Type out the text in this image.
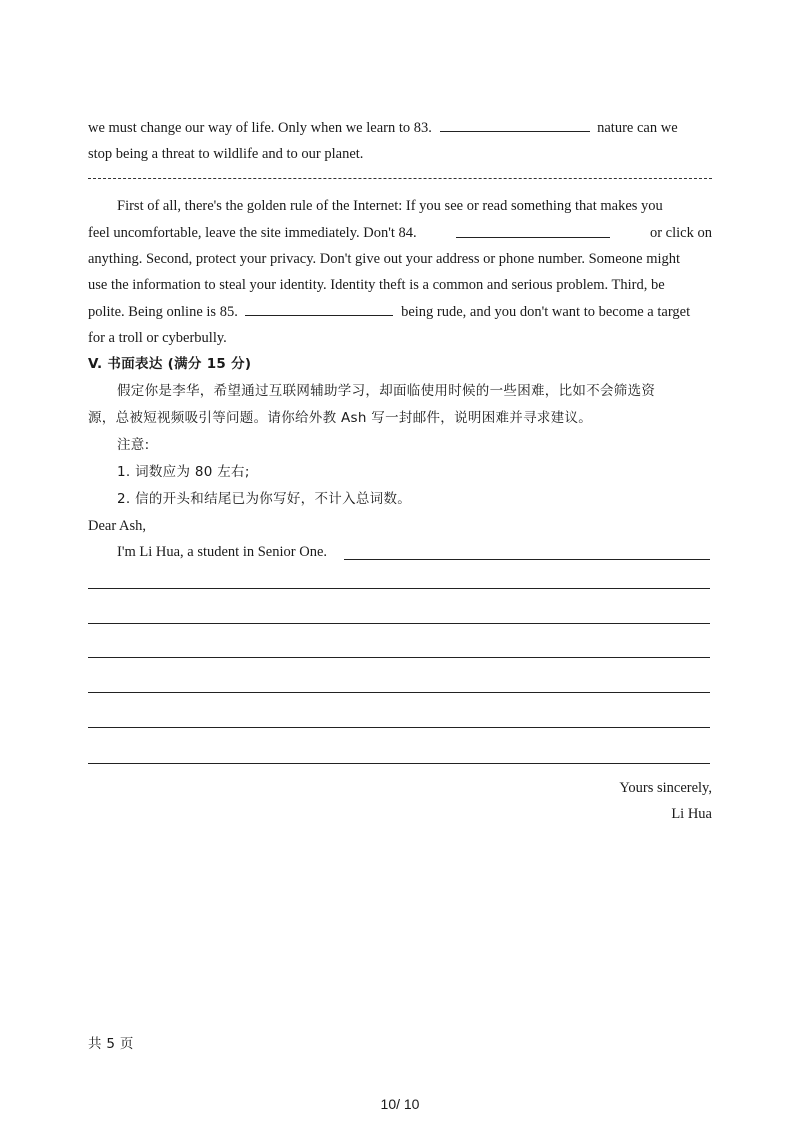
we must change our way of life. Only when we learn to 83.	nature can we
stop being a threat to wildlife and to our planet.
First of all, there's the golden rule of the Internet: If you see or read something that makes you
feel uncomfortable, leave the site immediately. Don't 84.	or click on
anything. Second, protect your privacy. Don't give out your address or phone number. Someone might
use the information to steal your identity. Identity theft is a common and serious problem. Third, be
polite. Being online is 85.	being rude, and you don't want to become a target
for a troll or cyberbully.
V. 书面表达 (满分 15 分)
假定你是李华，希望通过互联网辅助学习，却面临使用时候的一些困难，比如不会筛选资
源，总被短视频吸引等问题。请你给外教 Ash 写一封邮件，说明困难并寻求建议。
注意:
1. 词数应为 80 左右;
2. 信的开头和结尾已为你写好，不计入总词数。
Dear Ash,
I'm Li Hua, a student in Senior One.
Yours sincerely,
Li Hua
共 5 页
10/ 10
